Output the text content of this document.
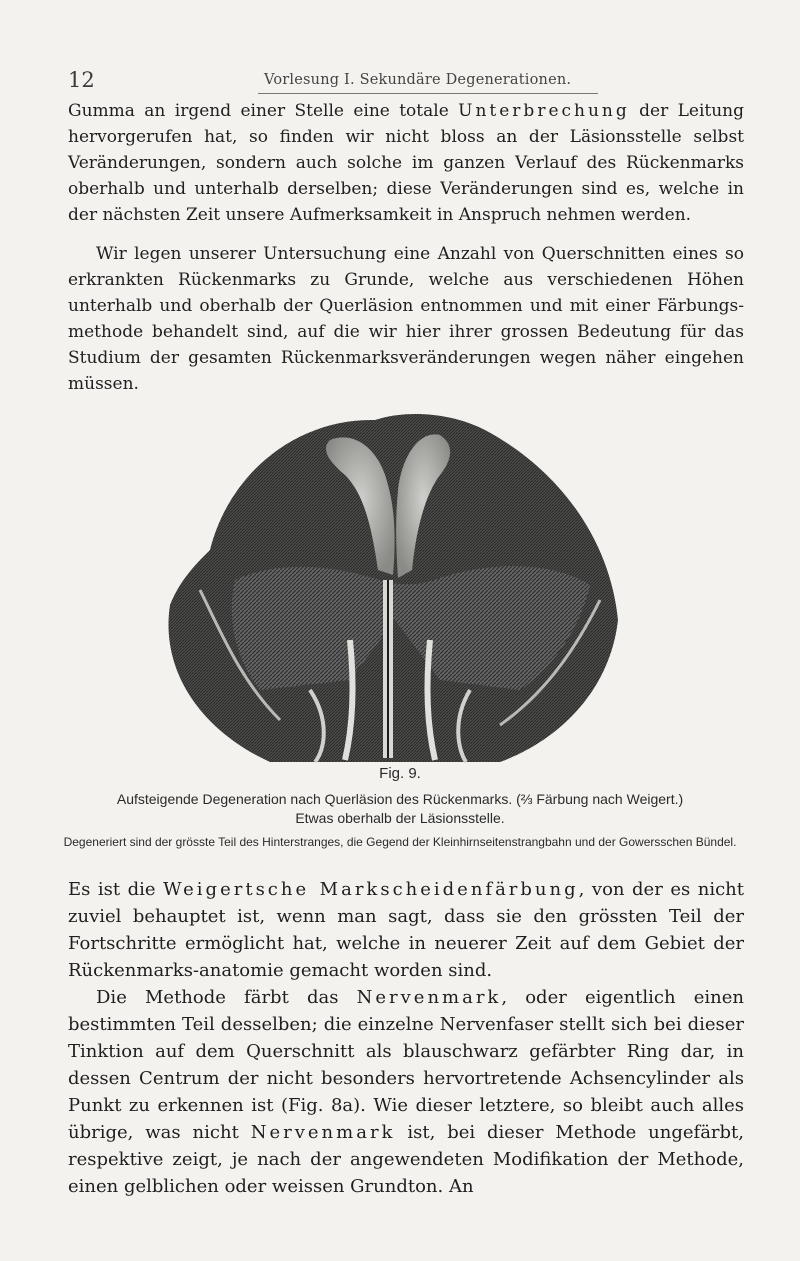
12	Vorlesung I. Sekundäre Degenerationen.
Gumma an irgend einer Stelle eine totale Unterbrechung der Leitung hervorgerufen hat, so finden wir nicht bloss an der Läsionsstelle selbst Veränderungen, sondern auch solche im ganzen Verlauf des Rückenmarks oberhalb und unterhalb derselben; diese Veränderungen sind es, welche in der nächsten Zeit unsere Aufmerksamkeit in Anspruch nehmen werden.
Wir legen unserer Untersuchung eine Anzahl von Querschnitten eines so erkrankten Rückenmarks zu Grunde, welche aus verschiedenen Höhen unterhalb und oberhalb der Querläsion entnommen und mit einer Färbungs-methode behandelt sind, auf die wir hier ihrer grossen Bedeutung für das Studium der gesamten Rückenmarksveränderungen wegen näher eingehen müssen.
Fig. 9.
Aufsteigende Degeneration nach Querläsion des Rückenmarks. (⅔ Färbung nach Weigert.)
Etwas oberhalb der Läsionsstelle.
Degeneriert sind der grösste Teil des Hinterstranges, die Gegend der Kleinhirnseitenstrangbahn und der Gowersschen Bündel.

Es ist die Weigertsche Markscheidenfärbung, von der es nicht zuviel behauptet ist, wenn man sagt, dass sie den grössten Teil der Fortschritte ermöglicht hat, welche in neuerer Zeit auf dem Gebiet der Rückenmarks-anatomie gemacht worden sind.

Die Methode färbt das Nervenmark, oder eigentlich einen bestimmten Teil desselben; die einzelne Nervenfaser stellt sich bei dieser Tinktion auf dem Querschnitt als blauschwarz gefärbter Ring dar, in dessen Centrum der nicht besonders hervortretende Achsencylinder als Punkt zu erkennen ist (Fig. 8a). Wie dieser letztere, so bleibt auch alles übrige, was nicht Nervenmark ist, bei dieser Methode ungefärbt, respektive zeigt, je nach der angewendeten Modifikation der Methode, einen gelblichen oder weissen Grundton. An
